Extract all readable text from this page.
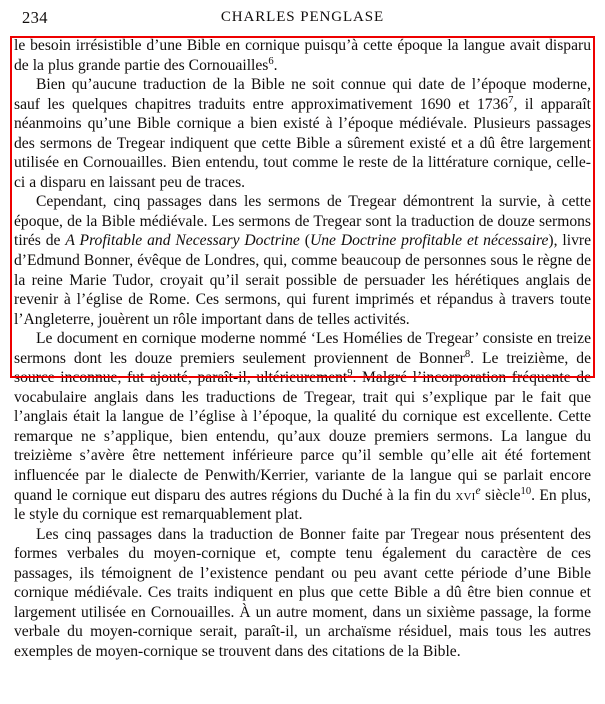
234	CHARLES PENGLASE

le besoin irrésistible d’une Bible en cornique puisqu’à cette époque la langue avait disparu de la plus grande partie des Cornouailles$^6$.

Bien qu’aucune traduction de la Bible ne soit connue qui date de l’époque moderne, sauf les quelques chapitres traduits entre approximativement 1690 et 1736$^7$, il apparaît néanmoins qu’une Bible cornique a bien existé à l’époque médiévale. Plusieurs passages des sermons de Tregear indiquent que cette Bible a sûrement existé et a dû être largement utilisée en Cornouailles. Bien entendu, tout comme le reste de la littérature cornique, celle-ci a disparu en laissant peu de traces.

Cependant, cinq passages dans les sermons de Tregear démontrent la survie, à cette époque, de la Bible médiévale. Les sermons de Tregear sont la traduction de douze sermons tirés de A Profitable and Necessary Doctrine (Une Doctrine profitable et nécessaire), livre d’Edmund Bonner, évêque de Londres, qui, comme beaucoup de personnes sous le règne de la reine Marie Tudor, croyait qu’il serait possible de persuader les hérétiques anglais de revenir à l’église de Rome. Ces sermons, qui furent imprimés et répandus à travers toute l’Angleterre, jouèrent un rôle important dans de telles activités.

Le document en cornique moderne nommé ‘Les Homélies de Tregear’ consiste en treize sermons dont les douze premiers seulement proviennent de Bonner$^8$. Le treizième, de source inconnue, fut ajouté, paraît-il, ultérieurement$^9$. Malgré l’incorporation fréquente de vocabulaire anglais dans les traductions de Tregear, trait qui s’explique par le fait que l’anglais était la langue de l’église à l’époque, la qualité du cornique est excellente. Cette remarque ne s’applique, bien entendu, qu’aux douze premiers sermons. La langue du treizième s’avère être nettement inférieure parce qu’il semble qu’elle ait été fortement influencée par le dialecte de Penwith/Kerrier, variante de la langue qui se parlait encore quand le cornique eut disparu des autres régions du Duché à la fin du xvi$^e$ siècle$^{10}$. En plus, le style du cornique est remarquablement plat.

Les cinq passages dans la traduction de Bonner faite par Tregear nous présentent des formes verbales du moyen-cornique et, compte tenu également du caractère de ces passages, ils témoignent de l’existence pendant ou peu avant cette période d’une Bible cornique médiévale. Ces traits indiquent en plus que cette Bible a dû être bien connue et largement utilisée en Cornouailles. À un autre moment, dans un sixième passage, la forme verbale du moyen-cornique serait, paraît-il, un archaïsme résiduel, mais tous les autres exemples de moyen-cornique se trouvent dans des citations de la Bible.
